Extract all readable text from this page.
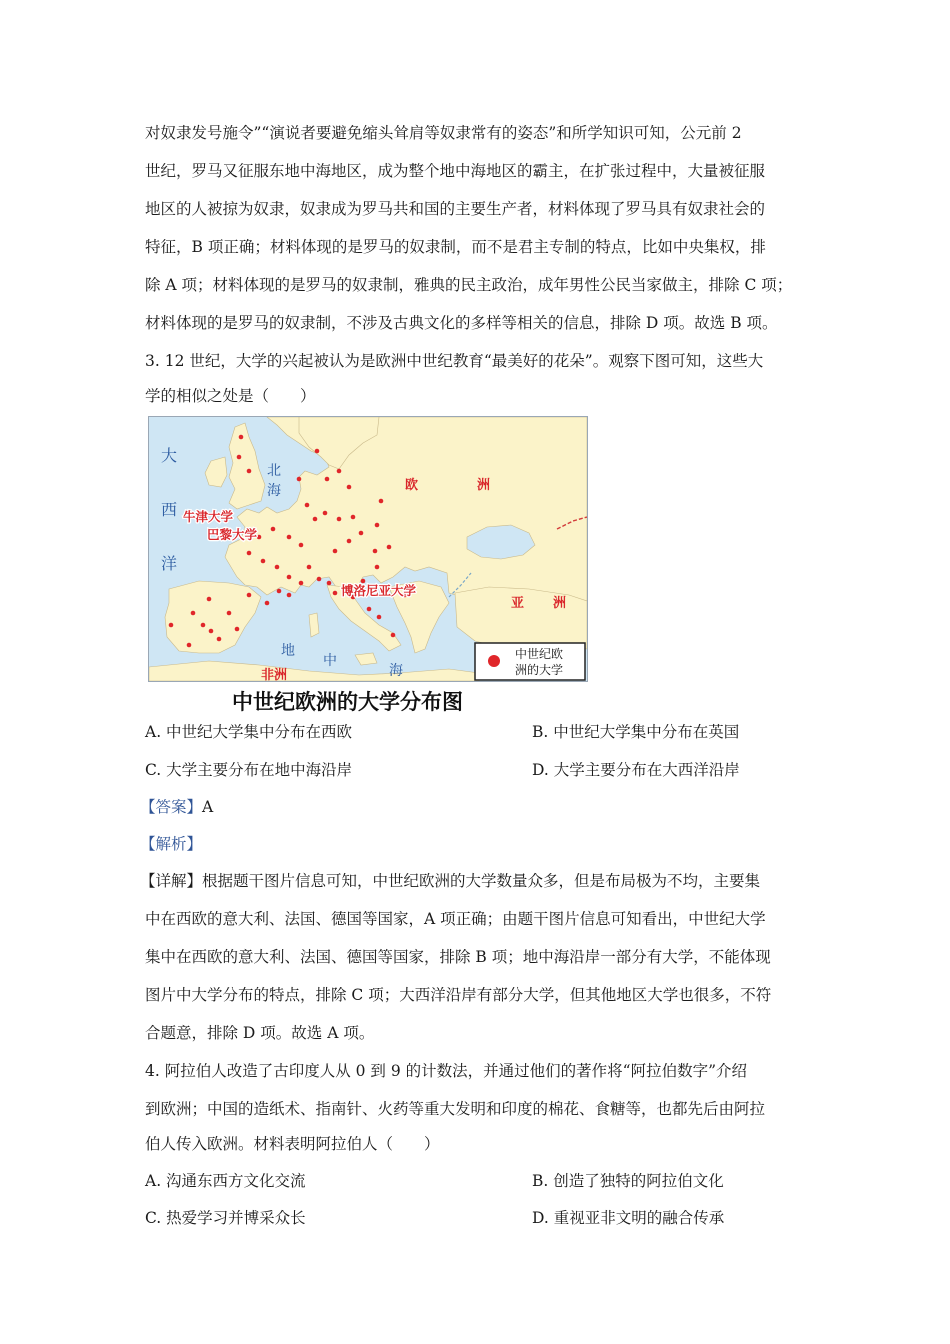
对奴隶发号施令”“演说者要避免缩头耸肩等奴隶常有的姿态”和所学知识可知，公元前 2
世纪，罗马又征服东地中海地区，成为整个地中海地区的霸主，在扩张过程中，大量被征服
地区的人被掠为奴隶，奴隶成为罗马共和国的主要生产者，材料体现了罗马具有奴隶社会的
特征，B 项正确；材料体现的是罗马的奴隶制，而不是君主专制的特点，比如中央集权，排
除 A 项；材料体现的是罗马的奴隶制，雅典的民主政治，成年男性公民当家做主，排除 C 项；
材料体现的是罗马的奴隶制，不涉及古典文化的多样等相关的信息，排除 D 项。故选 B 项。
3. 12 世纪，大学的兴起被认为是欧洲中世纪教育“最美好的花朵”。观察下图可知，这些大
学的相似之处是（　　）
大
西
洋
北
海
地
中
海
欧	洲
亚 洲
非洲
牛津大学
巴黎大学
博洛尼亚大学
中世纪欧
洲的大学
中世纪欧洲的大学分布图
A. 中世纪大学集中分布在西欧	B. 中世纪大学集中分布在英国
C. 大学主要分布在地中海沿岸	D. 大学主要分布在大西洋沿岸
【答案】A
【解析】
【详解】根据题干图片信息可知，中世纪欧洲的大学数量众多，但是布局极为不均，主要集
中在西欧的意大利、法国、德国等国家，A 项正确；由题干图片信息可知看出，中世纪大学
集中在西欧的意大利、法国、德国等国家，排除 B 项；地中海沿岸一部分有大学，不能体现
图片中大学分布的特点，排除 C 项；大西洋沿岸有部分大学，但其他地区大学也很多，不符
合题意，排除 D 项。故选 A 项。
4. 阿拉伯人改造了古印度人从 0 到 9 的计数法，并通过他们的著作将“阿拉伯数字”介绍
到欧洲；中国的造纸术、指南针、火药等重大发明和印度的棉花、食糖等，也都先后由阿拉
伯人传入欧洲。材料表明阿拉伯人（　　）
A. 沟通东西方文化交流	B. 创造了独特的阿拉伯文化
C. 热爱学习并博采众长	D. 重视亚非文明的融合传承
